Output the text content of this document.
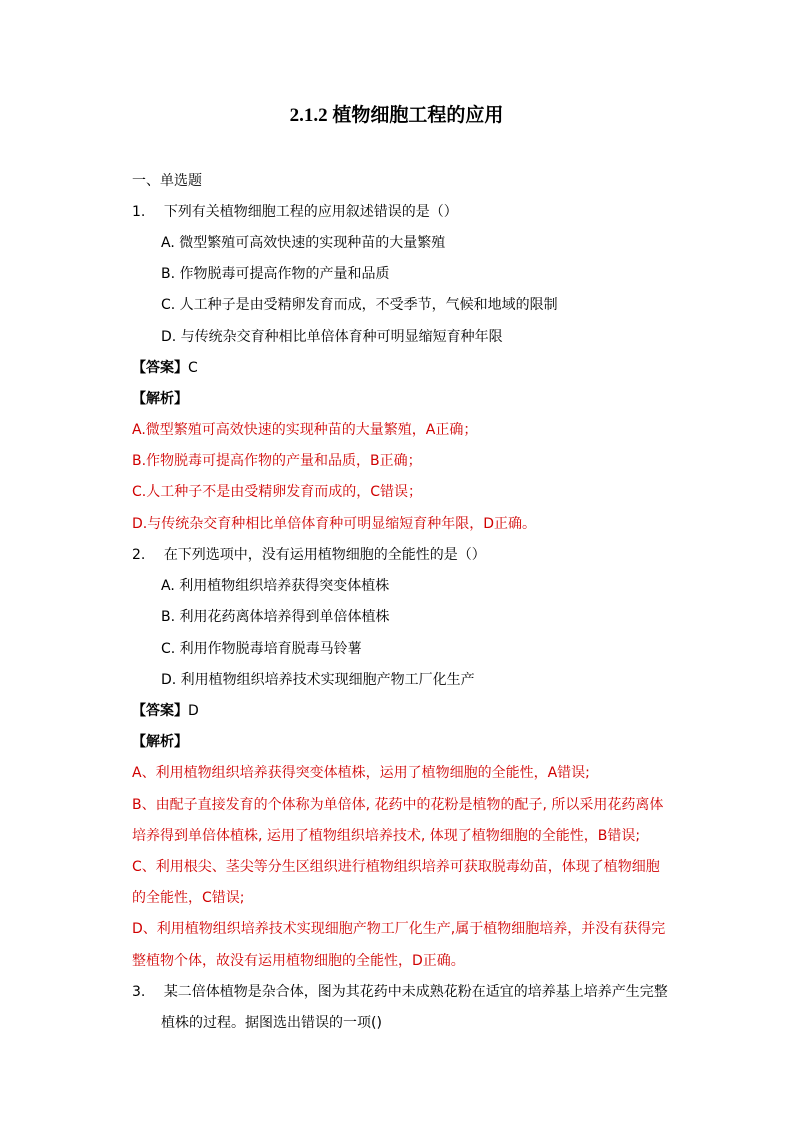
2.1.2 植物细胞工程的应用
一、单选题
1. 下列有关植物细胞工程的应用叙述错误的是（）
A. 微型繁殖可高效快速的实现种苗的大量繁殖
B. 作物脱毒可提高作物的产量和品质
C. 人工种子是由受精卵发育而成，不受季节，气候和地域的限制
D. 与传统杂交育种相比单倍体育种可明显缩短育种年限
【答案】C
【解析】
A.微型繁殖可高效快速的实现种苗的大量繁殖，A正确；
B.作物脱毒可提高作物的产量和品质，B正确；
C.人工种子不是由受精卵发育而成的，C错误；
D.与传统杂交育种相比单倍体育种可明显缩短育种年限，D正确。
2. 在下列选项中，没有运用植物细胞的全能性的是（）
A. 利用植物组织培养获得突变体植株
B. 利用花药离体培养得到单倍体植株
C. 利用作物脱毒培育脱毒马铃薯
D. 利用植物组织培养技术实现细胞产物工厂化生产
【答案】D
【解析】
A、利用植物组织培养获得突变体植株，运用了植物细胞的全能性，A错误;
B、由配子直接发育的个体称为单倍体, 花药中的花粉是植物的配子, 所以采用花药离体
培养得到单倍体植株, 运用了植物组织培养技术, 体现了植物细胞的全能性，B错误;
C、利用根尖、茎尖等分生区组织进行植物组织培养可获取脱毒幼苗，体现了植物细胞
的全能性，C错误;
D、利用植物组织培养技术实现细胞产物工厂化生产,属于植物细胞培养，并没有获得完
整植物个体，故没有运用植物细胞的全能性，D正确。
3. 某二倍体植物是杂合体，图为其花药中未成熟花粉在适宜的培养基上培养产生完整
植株的过程。据图选出错误的一项()
